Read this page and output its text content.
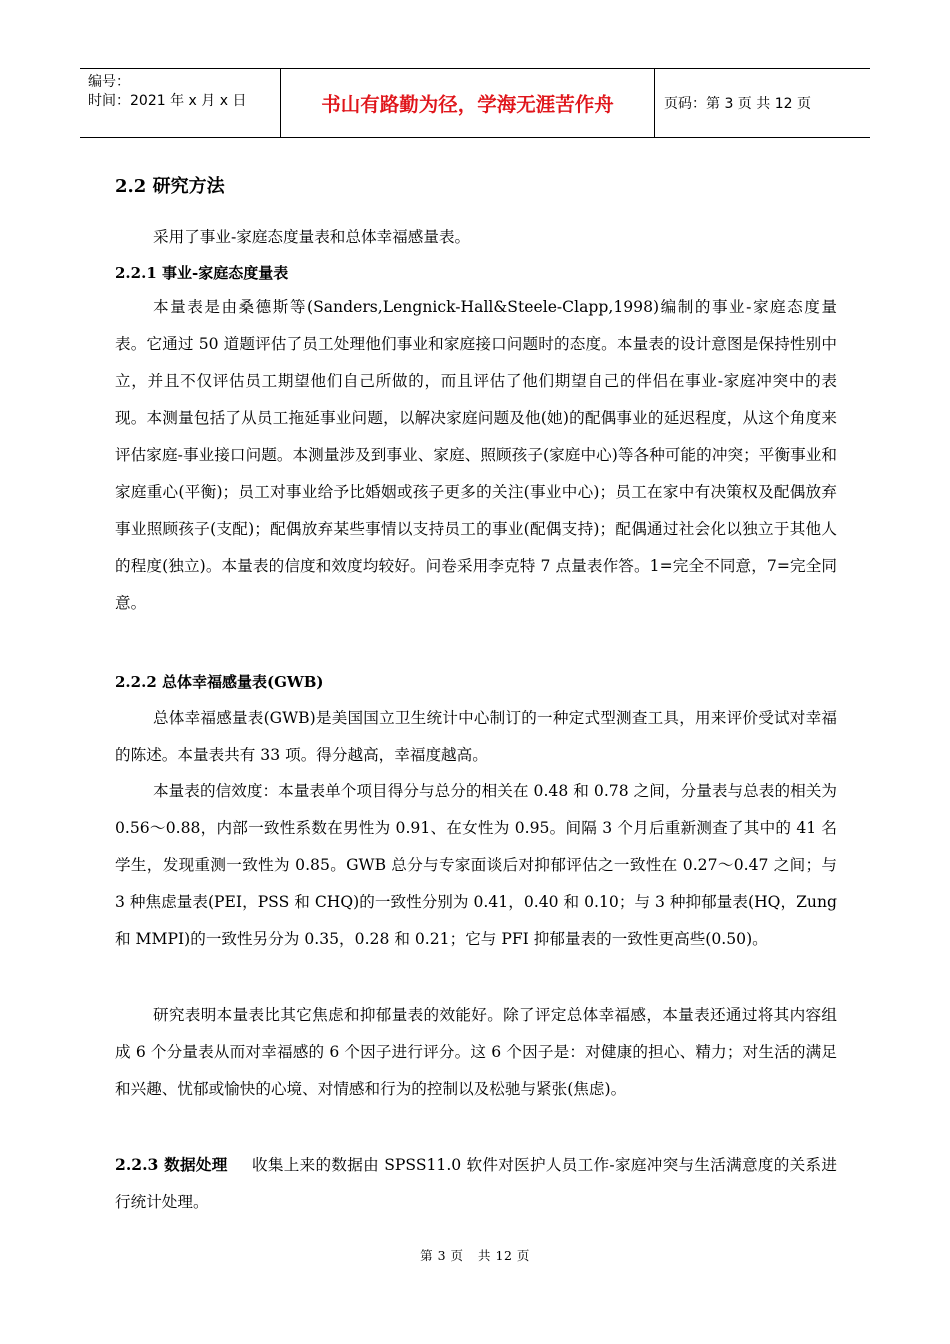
编号：
时间：2021 年 x 月 x 日	书山有路勤为径，学海无涯苦作舟	页码：第 3 页 共 12 页
2.2 研究方法
采用了事业-家庭态度量表和总体幸福感量表。
2.2.1 事业-家庭态度量表
本量表是由桑德斯等(Sanders,Lengnick-Hall&Steele-Clapp,1998)编制的事业-家庭态度量表。它通过 50 道题评估了员工处理他们事业和家庭接口问题时的态度。本量表的设计意图是保持性别中立，并且不仅评估员工期望他们自己所做的，而且评估了他们期望自己的伴侣在事业-家庭冲突中的表现。本测量包括了从员工拖延事业问题，以解决家庭问题及他(她)的配偶事业的延迟程度，从这个角度来评估家庭-事业接口问题。本测量涉及到事业、家庭、照顾孩子(家庭中心)等各种可能的冲突；平衡事业和家庭重心(平衡)；员工对事业给予比婚姻或孩子更多的关注(事业中心)；员工在家中有决策权及配偶放弃事业照顾孩子(支配)；配偶放弃某些事情以支持员工的事业(配偶支持)；配偶通过社会化以独立于其他人的程度(独立)。本量表的信度和效度均较好。问卷采用李克特 7 点量表作答。1=完全不同意，7=完全同意。
2.2.2 总体幸福感量表(GWB)
总体幸福感量表(GWB)是美国国立卫生统计中心制订的一种定式型测查工具，用来评价受试对幸福的陈述。本量表共有 33 项。得分越高，幸福度越高。
本量表的信效度：本量表单个项目得分与总分的相关在 0.48 和 0.78 之间，分量表与总表的相关为 0.56～0.88，内部一致性系数在男性为 0.91、在女性为 0.95。间隔 3 个月后重新测查了其中的 41 名学生，发现重测一致性为 0.85。GWB 总分与专家面谈后对抑郁评估之一致性在 0.27～0.47 之间；与 3 种焦虑量表(PEI，PSS 和 CHQ)的一致性分别为 0.41，0.40 和 0.10；与 3 种抑郁量表(HQ，Zung 和 MMPI)的一致性另分为 0.35，0.28 和 0.21；它与 PFI 抑郁量表的一致性更高些(0.50)。
研究表明本量表比其它焦虑和抑郁量表的效能好。除了评定总体幸福感，本量表还通过将其内容组成 6 个分量表从而对幸福感的 6 个因子进行评分。这 6 个因子是：对健康的担心、精力；对生活的满足和兴趣、忧郁或愉快的心境、对情感和行为的控制以及松驰与紧张(焦虑)。
2.2.3 数据处理 收集上来的数据由 SPSS11.0 软件对医护人员工作-家庭冲突与生活满意度的关系进行统计处理。
第 3 页 共 12 页
